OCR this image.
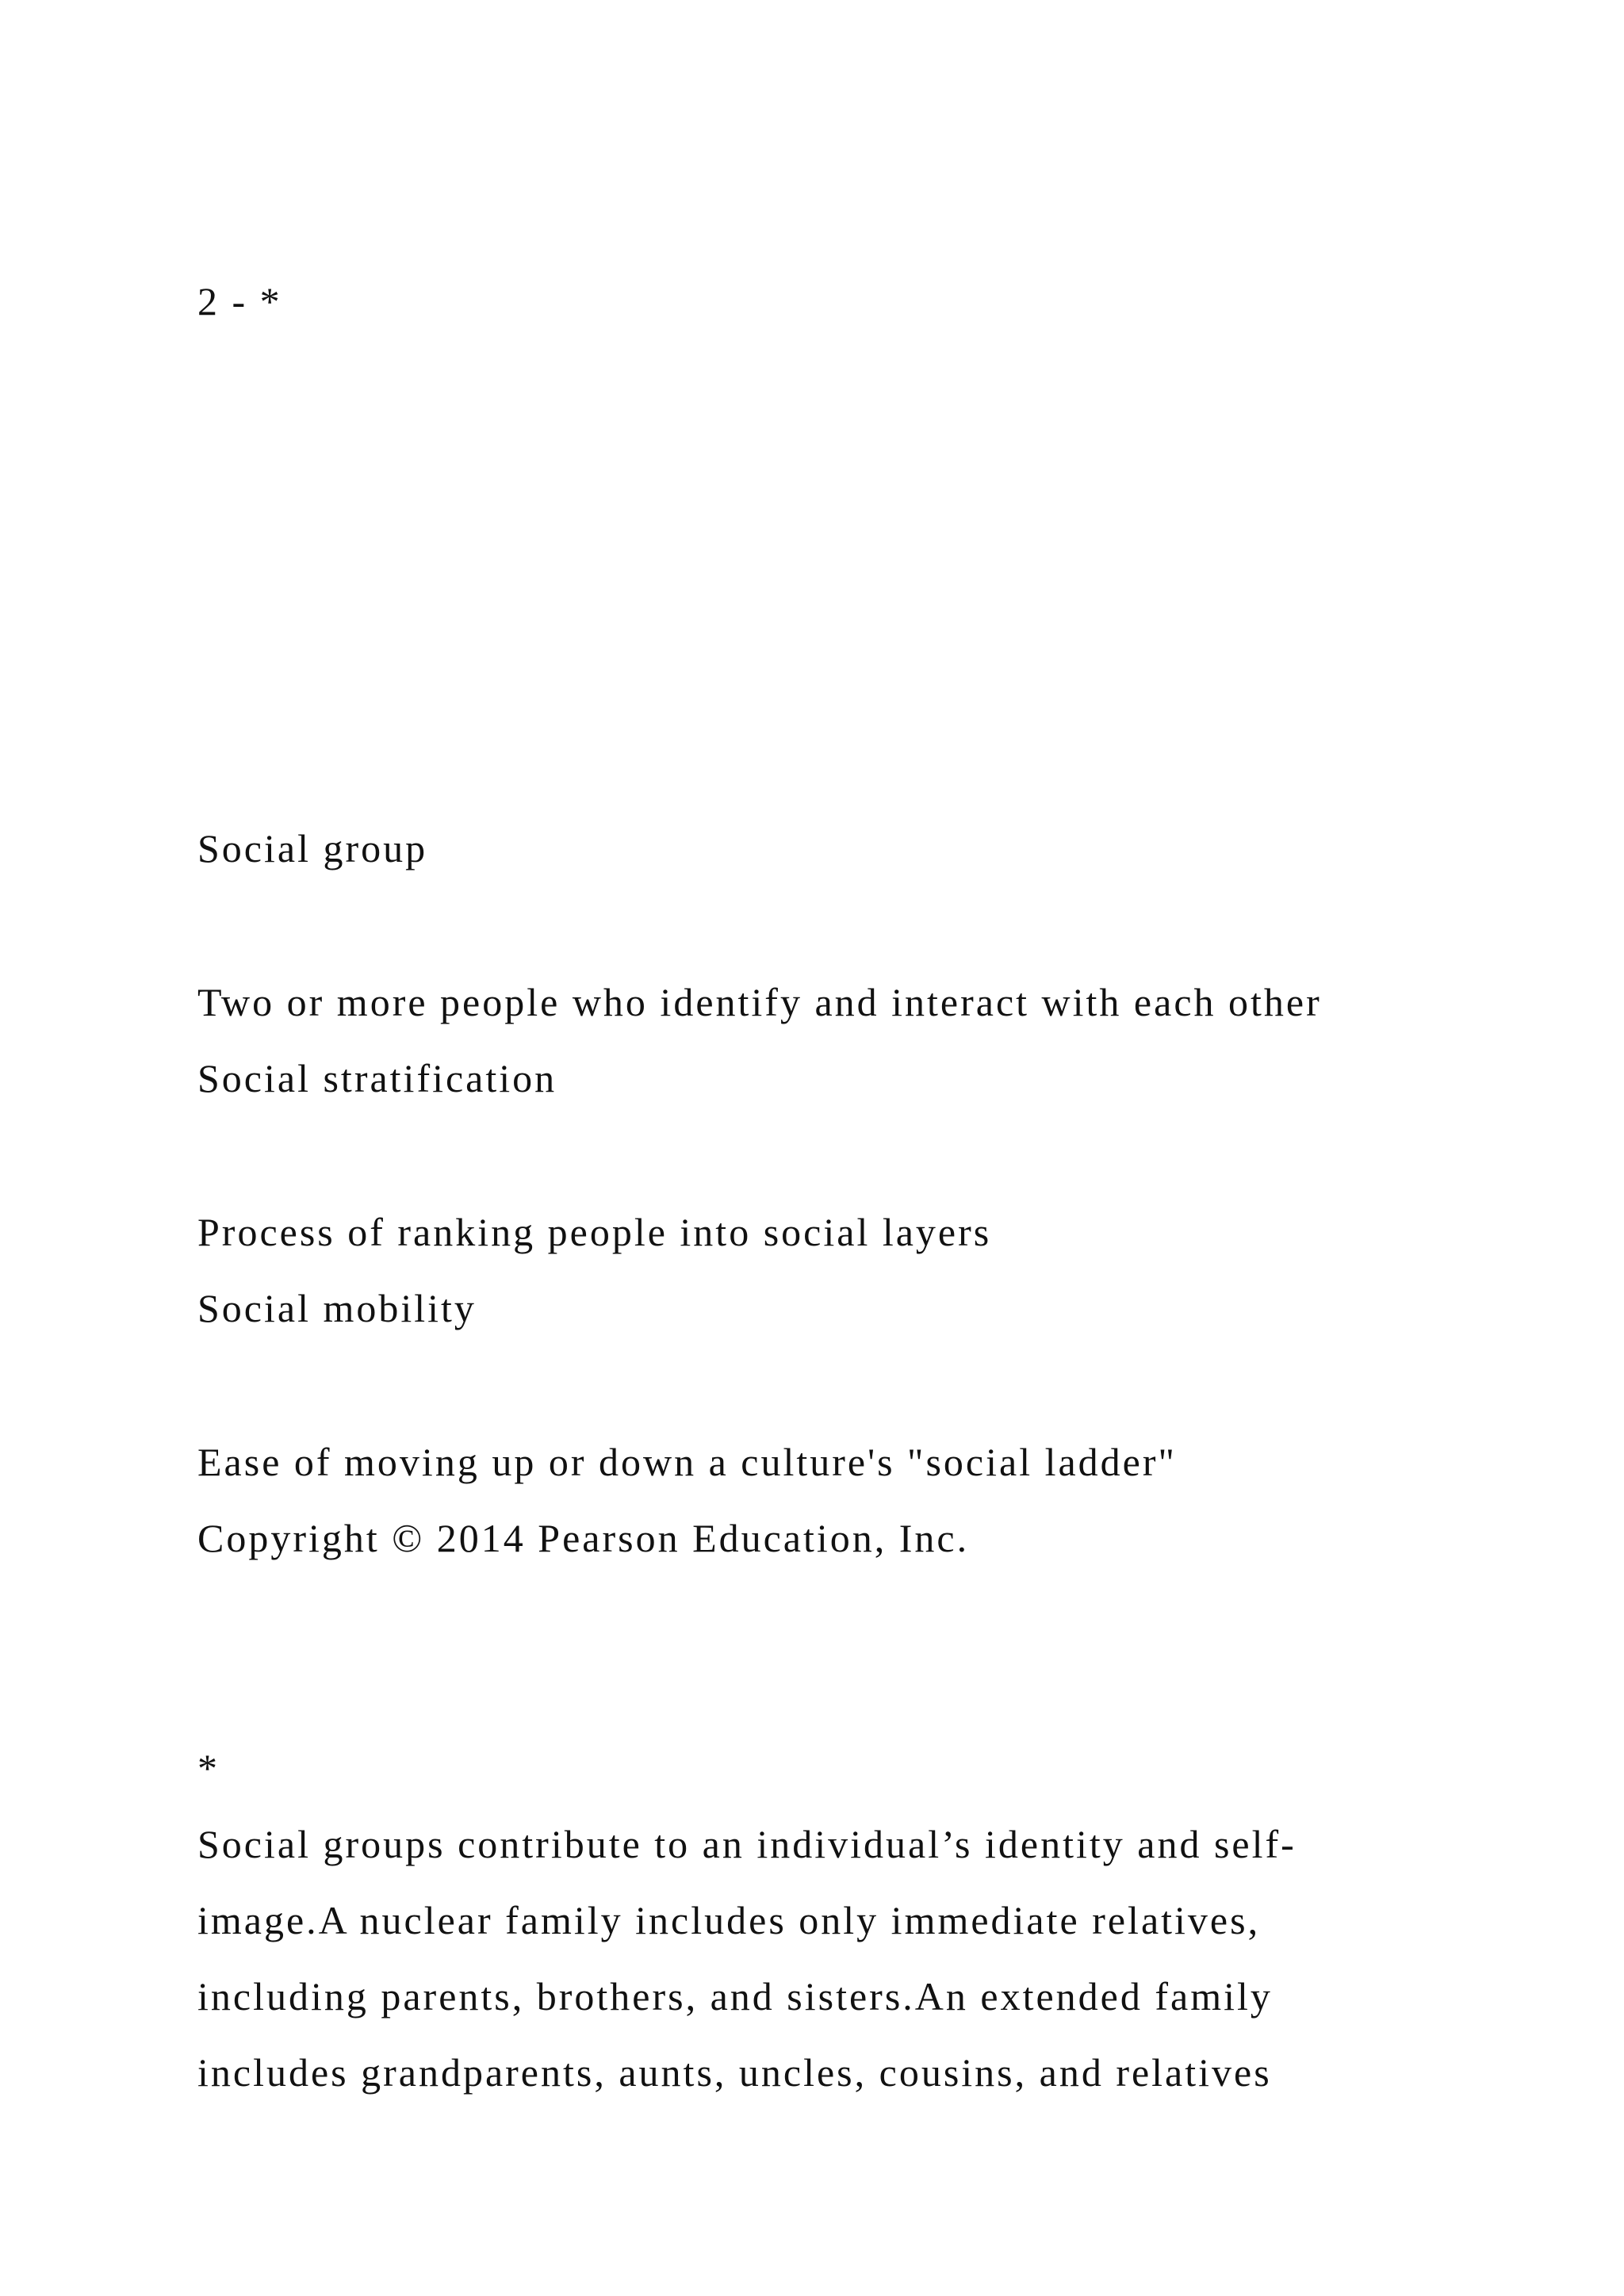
2 - *

Social group

Two or more people who identify and interact with each other

Social stratification

Process of ranking people into social layers

Social mobility

Ease of moving up or down a culture's "social ladder"

Copyright © 2014 Pearson Education, Inc.

*

Social groups contribute to an individual’s identity and self-

image.A nuclear family includes only immediate relatives,

including parents, brothers, and sisters.An extended family

includes grandparents, aunts, uncles, cousins, and relatives
